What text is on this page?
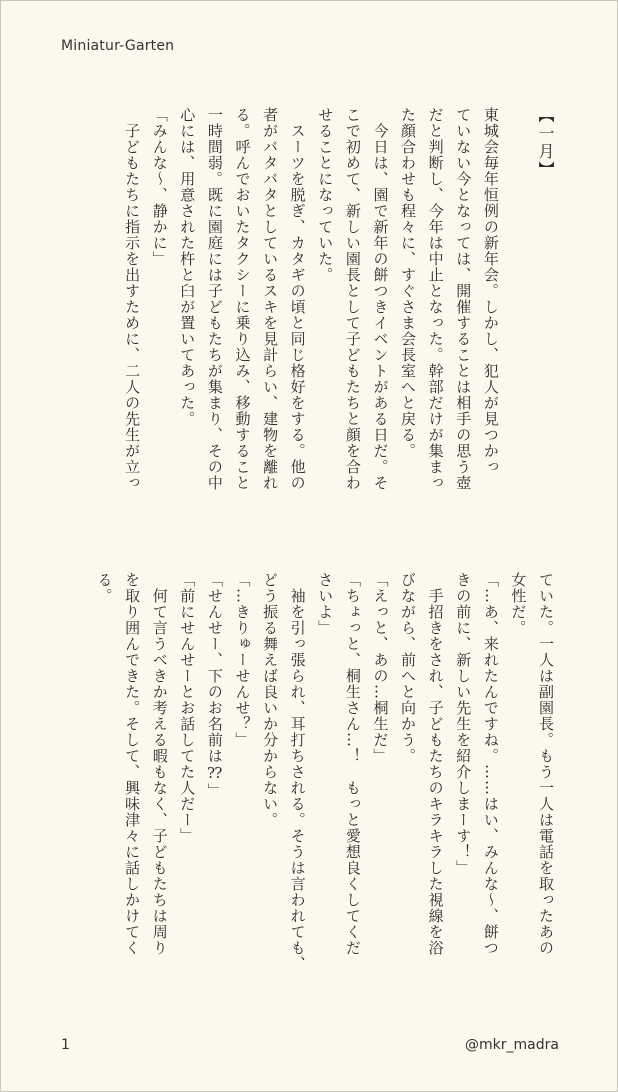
Miniatur-Garten

【一月】

東城会毎年恒例の新年会。しかし、犯人が見つかっ

ていない今となっては、開催することは相手の思う壺

だと判断し、今年は中止となった。幹部だけが集まっ

た顔合わせも程々に、すぐさま会長室へと戻る。

　今日は、園で新年の餅つきイベントがある日だ。そ

こで初めて、新しい園長として子どもたちと顔を合わ

せることになっていた。

　スーツを脱ぎ、カタギの頃と同じ格好をする。他の

者がバタバタとしているスキを見計らい、建物を離れ

る。呼んでおいたタクシーに乗り込み、移動すること

一時間弱。既に園庭には子どもたちが集まり、その中

心には、用意された杵と臼が置いてあった。

「みんな〜、静かに」

　子どもたちに指示を出すために、二人の先生が立っ

ていた。一人は副園長。もう一人は電話を取ったあの

女性だ。

「…あ、来れたんですね。……はい、みんな〜、餅つ

きの前に、新しい先生を紹介しまーす！」

　手招きをされ、子どもたちのキラキラした視線を浴

びながら、前へと向かう。

「えっと、あの…桐生だ」

「ちょっと、桐生さん…！　もっと愛想良くしてくだ

さいよ」

　袖を引っ張られ、耳打ちされる。そうは言われても、

どう振る舞えば良いか分からない。

「…きりゅーせんせ？」

「せんせー、下のお名前は⁇」

「前にせんせーとお話してた人だー」

　何て言うべきか考える暇もなく、子どもたちは周り

を取り囲んできた。そして、興味津々に話しかけてく

る。

1	@mkr_madra
